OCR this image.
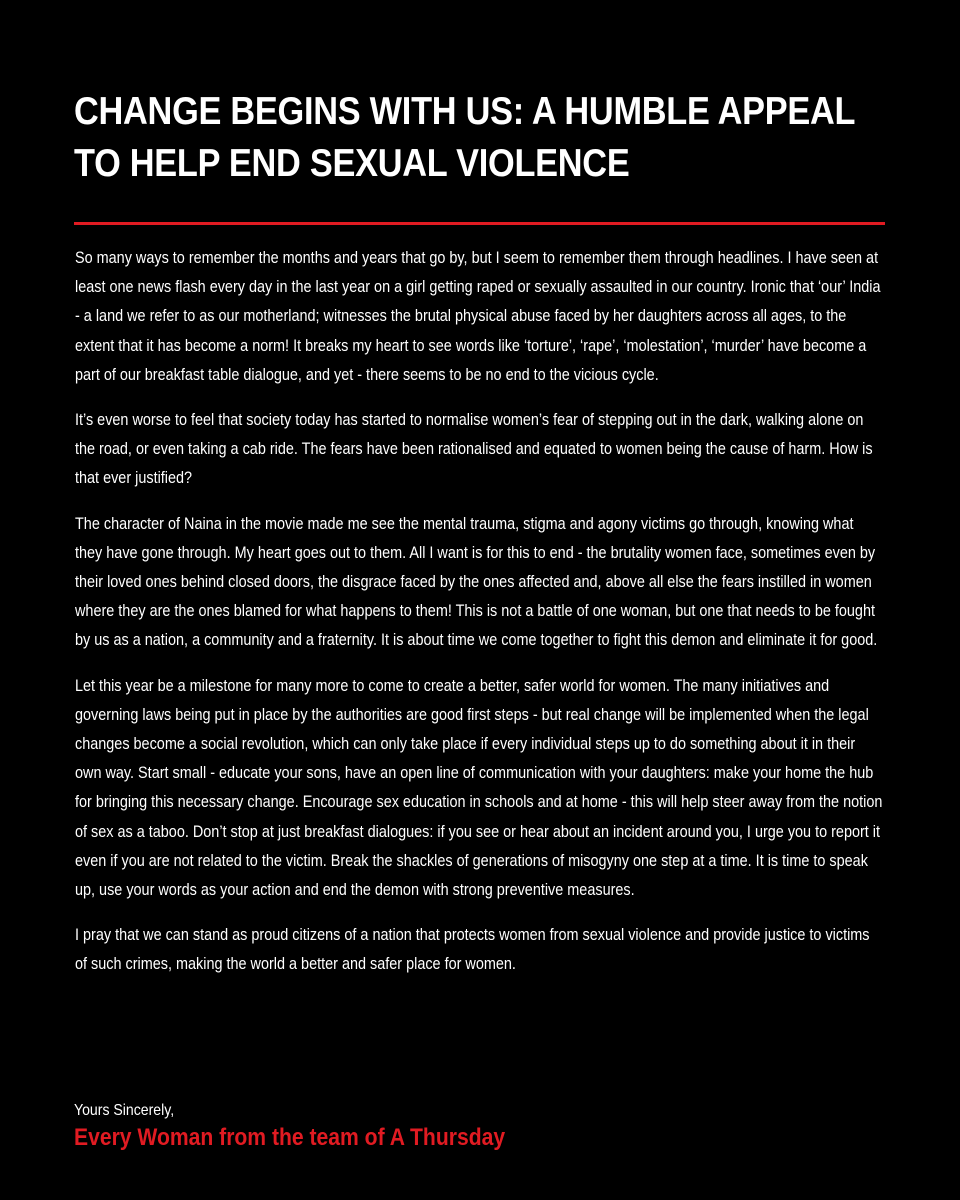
CHANGE BEGINS WITH US: A HUMBLE APPEAL
TO HELP END SEXUAL VIOLENCE

So many ways to remember the months and years that go by, but I seem to remember them through headlines. I have seen at least one news flash every day in the last year on a girl getting raped or sexually assaulted in our country. Ironic that ‘our’ India - a land we refer to as our motherland; witnesses the brutal physical abuse faced by her daughters across all ages, to the extent that it has become a norm! It breaks my heart to see words like ‘torture’, ‘rape’, ‘molestation’, ‘murder’ have become a part of our breakfast table dialogue, and yet - there seems to be no end to the vicious cycle.

It’s even worse to feel that society today has started to normalise women’s fear of stepping out in the dark, walking alone on the road, or even taking a cab ride. The fears have been rationalised and equated to women being the cause of harm. How is that ever justified?

The character of Naina in the movie made me see the mental trauma, stigma and agony victims go through, knowing what they have gone through. My heart goes out to them. All I want is for this to end - the brutality women face, sometimes even by their loved ones behind closed doors, the disgrace faced by the ones affected and, above all else the fears instilled in women where they are the ones blamed for what happens to them! This is not a battle of one woman, but one that needs to be fought by us as a nation, a community and a fraternity. It is about time we come together to fight this demon and eliminate it for good.

Let this year be a milestone for many more to come to create a better, safer world for women. The many initiatives and governing laws being put in place by the authorities are good first steps - but real change will be implemented when the legal changes become a social revolution, which can only take place if every individual steps up to do something about it in their own way. Start small - educate your sons, have an open line of communication with your daughters: make your home the hub for bringing this necessary change. Encourage sex education in schools and at home - this will help steer away from the notion of sex as a taboo. Don’t stop at just breakfast dialogues: if you see or hear about an incident around you, I urge you to report it even if you are not related to the victim. Break the shackles of generations of misogyny one step at a time. It is time to speak up, use your words as your action and end the demon with strong preventive measures.

I pray that we can stand as proud citizens of a nation that protects women from sexual violence and provide justice to victims of such crimes, making the world a better and safer place for women.

Yours Sincerely,
Every Woman from the team of A Thursday
